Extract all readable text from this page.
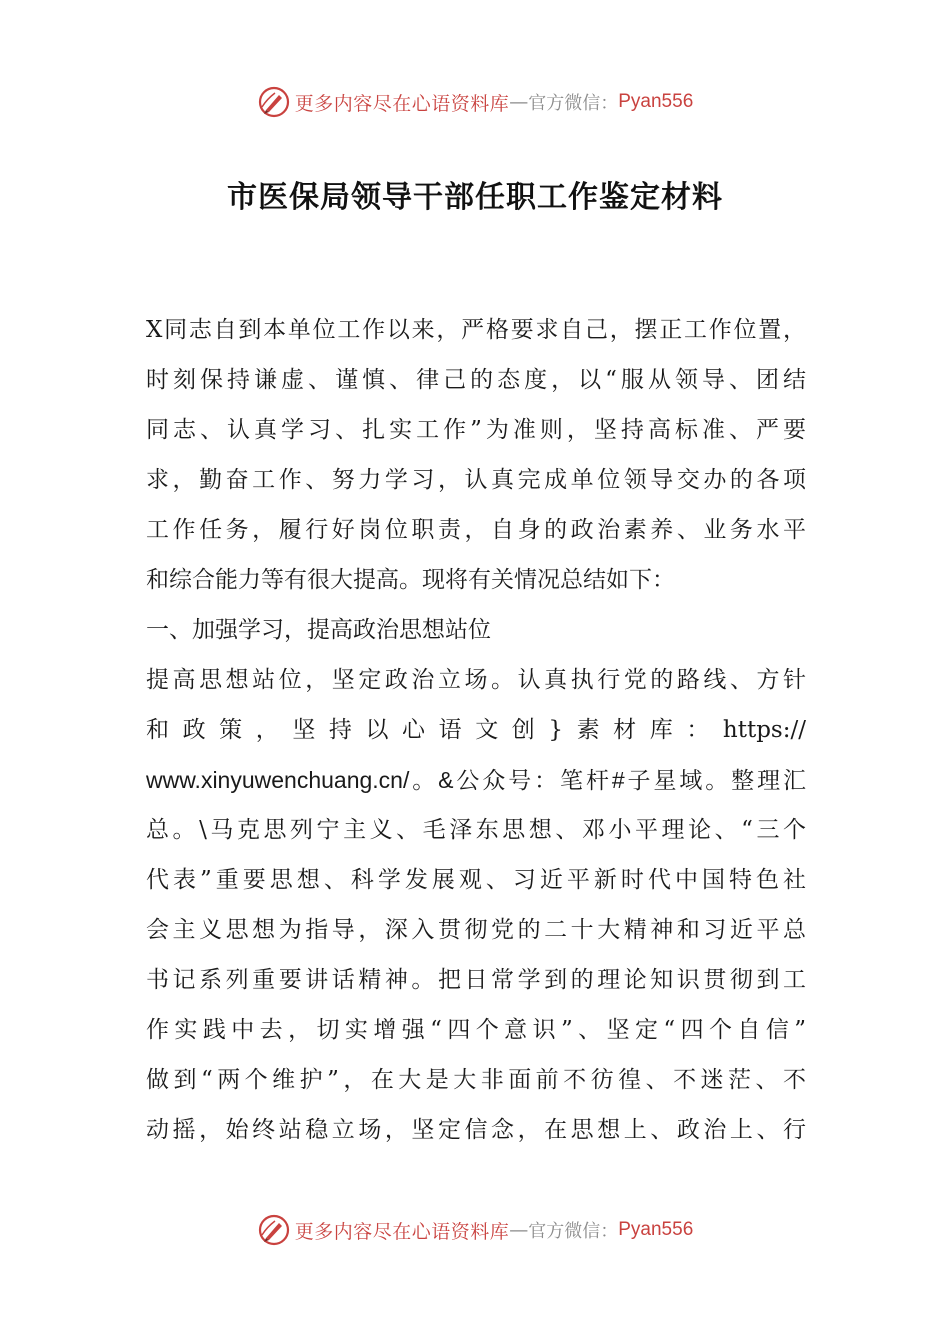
更多内容尽在心语资料库 — 官方微信： Pyan556
市医保局领导干部任职工作鉴定材料
X同志自到本单位工作以来，严格要求自己，摆正工作位置，
时刻保持谦虚、谨慎、律己的态度，以“服从领导、团结
同志、认真学习、扎实工作”为准则，坚持高标准、严要
求，勤奋工作、努力学习，认真完成单位领导交办的各项
工作任务，履行好岗位职责，自身的政治素养、业务水平
和综合能力等有很大提高。现将有关情况总结如下：
一、加强学习，提高政治思想站位
提高思想站位，坚定政治立场。认真执行党的路线、方针
和政策，坚持以心语文创}素材库：https://
www.xinyuwenchuang.cn/。&公众号：笔杆#子星域。整理汇
总。\马克思列宁主义、毛泽东思想、邓小平理论、“三个
代表”重要思想、科学发展观、习近平新时代中国特色社
会主义思想为指导，深入贯彻党的二十大精神和习近平总
书记系列重要讲话精神。把日常学到的理论知识贯彻到工
作实践中去，切实增强“四个意识”、坚定“四个自信”
做到“两个维护”，在大是大非面前不彷徨、不迷茫、不
动摇，始终站稳立场，坚定信念，在思想上、政治上、行
更多内容尽在心语资料库 — 官方微信： Pyan556
